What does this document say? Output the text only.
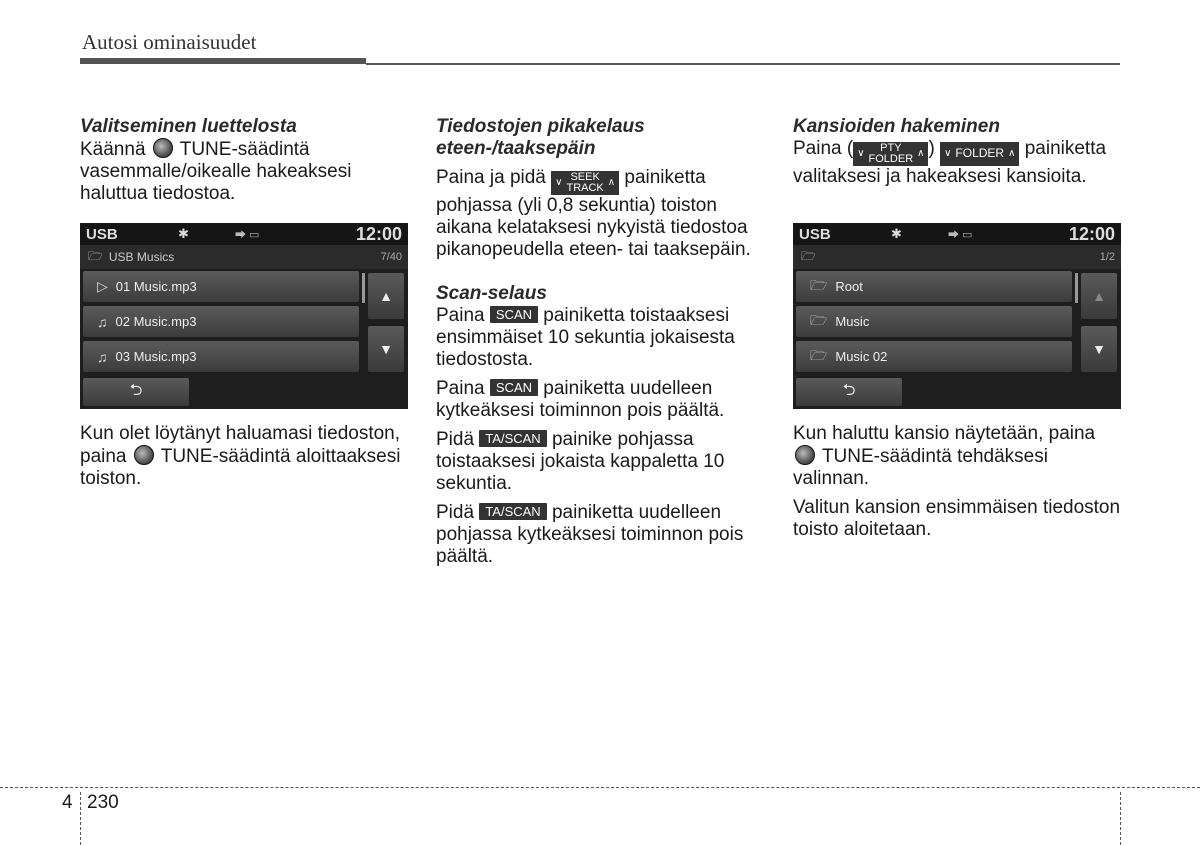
Autosi ominaisuudet
Valitseminen luettelosta

Käännä TUNE-säädintä vasemmalle/oikealle hakeaksesi haluttua tiedostoa.

USB	✱	⮕ ▭	12:00
🗁 USB Musics	7/40
▷ 01 Music.mp3
♫ 02 Music.mp3
♫ 03 Music.mp3
▲
▼
⮌

Kun olet löytänyt haluamasi tiedoston, paina TUNE-säädintä aloittaaksesi toiston.

Tiedostojen pikakelaus eteen-/taaksepäin

Paina ja pidä ∨ SEEK
TRACK ∧ painiketta pohjassa (yli 0,8 sekuntia) toiston aikana kelataksesi nykyistä tiedostoa pikanopeudella eteen- tai taaksepäin.

Scan-selaus

Paina SCAN painiketta toistaaksesi ensimmäiset 10 sekuntia jokaisesta tiedostosta.

Paina SCAN painiketta uudelleen kytkeäksesi toiminnon pois päältä.

Pidä TA/SCAN painike pohjassa toistaaksesi jokaista kappaletta 10 sekuntia.

Pidä TA/SCAN painiketta uudelleen pohjassa kytkeäksesi toiminnon pois päältä.

Kansioiden hakeminen

Paina ( ∨ PTY
FOLDER ∧ ) ∨ FOLDER ∧ painiketta valitaksesi ja hakeaksesi kansioita.

USB	✱	⮕ ▭	12:00
🗁	1/2
🗁 Root
🗁 Music
🗁 Music 02
▲
▼
⮌

Kun haluttu kansio näytetään, paina  TUNE-säädintä tehdäksesi valinnan.

Valitun kansion ensimmäisen tiedoston toisto aloitetaan.

4 230
